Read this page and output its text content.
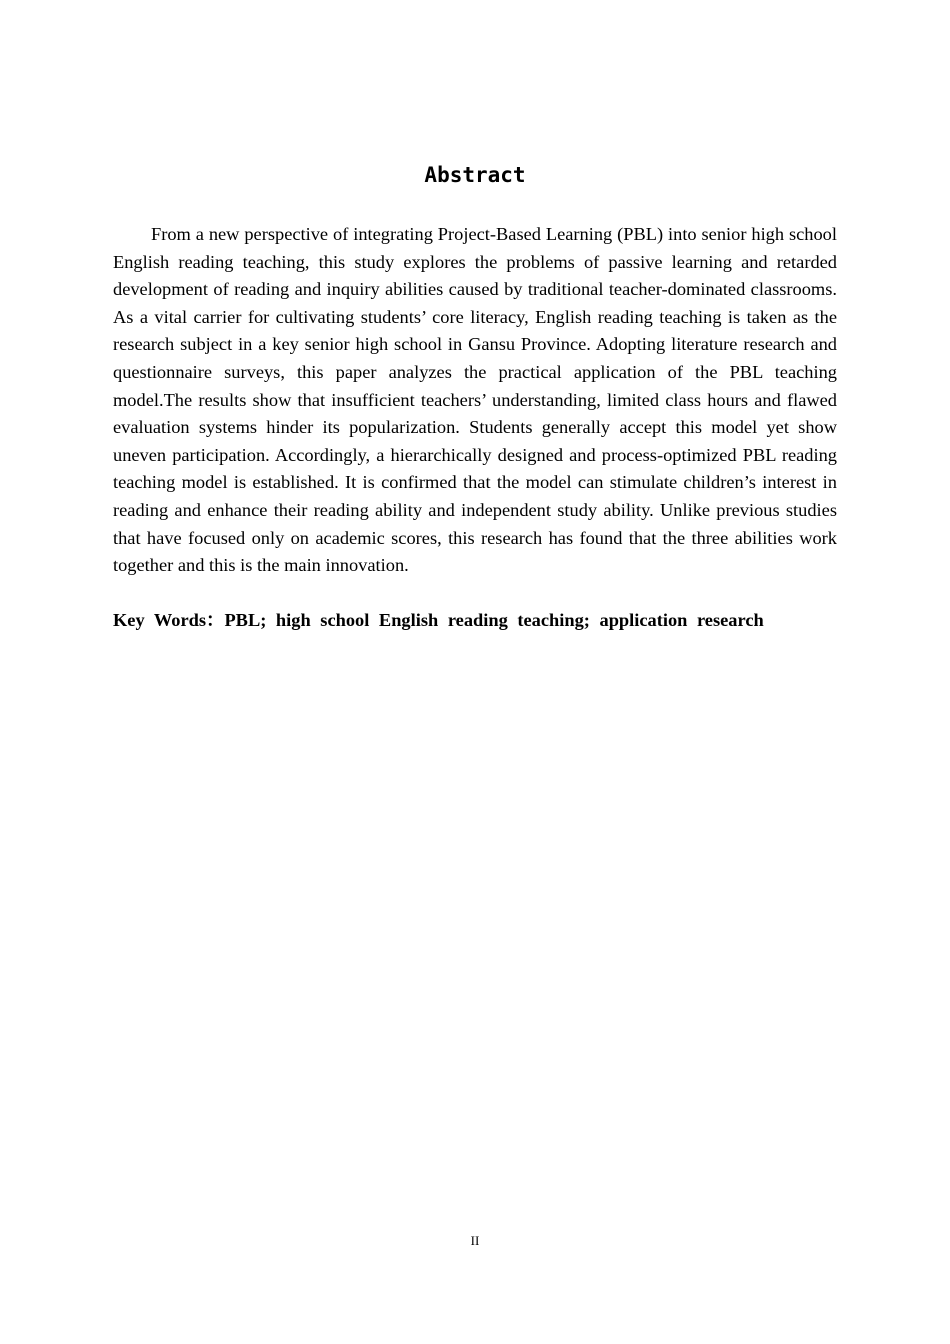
Abstract

From a new perspective of integrating Project-Based Learning (PBL) into senior high school English reading teaching, this study explores the problems of passive learning and retarded development of reading and inquiry abilities caused by traditional teacher-dominated classrooms. As a vital carrier for cultivating students’ core literacy, English reading teaching is taken as the research subject in a key senior high school in Gansu Province. Adopting literature research and questionnaire surveys, this paper analyzes the practical application of the PBL teaching model.The results show that insufficient teachers’ understanding, limited class hours and flawed evaluation systems hinder its popularization. Students generally accept this model yet show uneven participation. Accordingly, a hierarchically designed and process-optimized PBL reading teaching model is established. It is confirmed that the model can stimulate children’s interest in reading and enhance their reading ability and independent study ability. Unlike previous studies that have focused only on academic scores, this research has found that the three abilities work together and this is the main innovation.

Key Words：PBL; high school English reading teaching; application research

II
